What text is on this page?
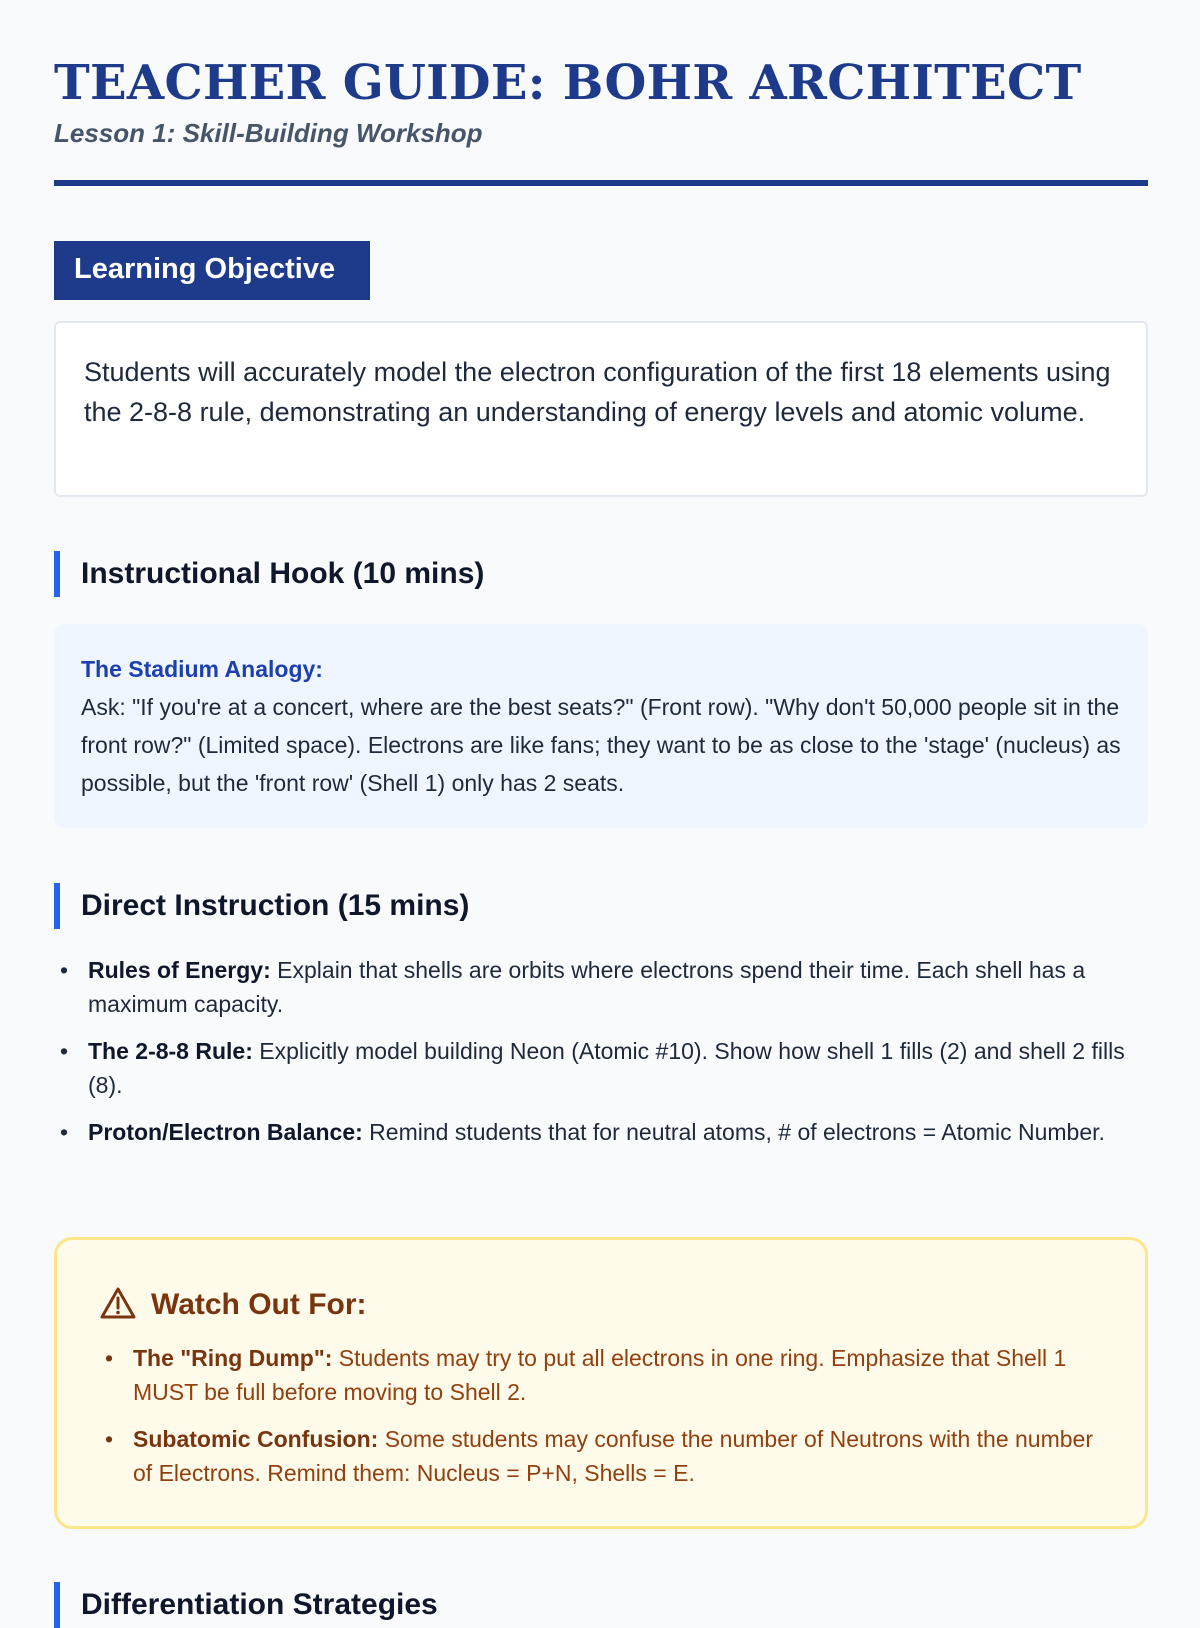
TEACHER GUIDE: BOHR ARCHITECT
Lesson 1: Skill-Building Workshop
Learning Objective

Students will accurately model the electron configuration of the first 18 elements using the 2-8-8 rule, demonstrating an understanding of energy levels and atomic volume.

Instructional Hook (10 mins)
The Stadium Analogy:
Ask: "If you're at a concert, where are the best seats?" (Front row). "Why don't 50,000 people sit in the front row?" (Limited space). Electrons are like fans; they want to be as close to the 'stage' (nucleus) as possible, but the 'front row' (Shell 1) only has 2 seats.
Direct Instruction (15 mins)
• Rules of Energy: Explain that shells are orbits where electrons spend their time. Each shell has a maximum capacity.
• The 2-8-8 Rule: Explicitly model building Neon (Atomic #10). Show how shell 1 fills (2) and shell 2 fills (8).
• Proton/Electron Balance: Remind students that for neutral atoms, # of electrons = Atomic Number.
Watch Out For:
• The "Ring Dump": Students may try to put all electrons in one ring. Emphasize that Shell 1 MUST be full before moving to Shell 2.
• Subatomic Confusion: Some students may confuse the number of Neutrons with the number of Electrons. Remind them: Nucleus = P+N, Shells = E.
Differentiation Strategies
